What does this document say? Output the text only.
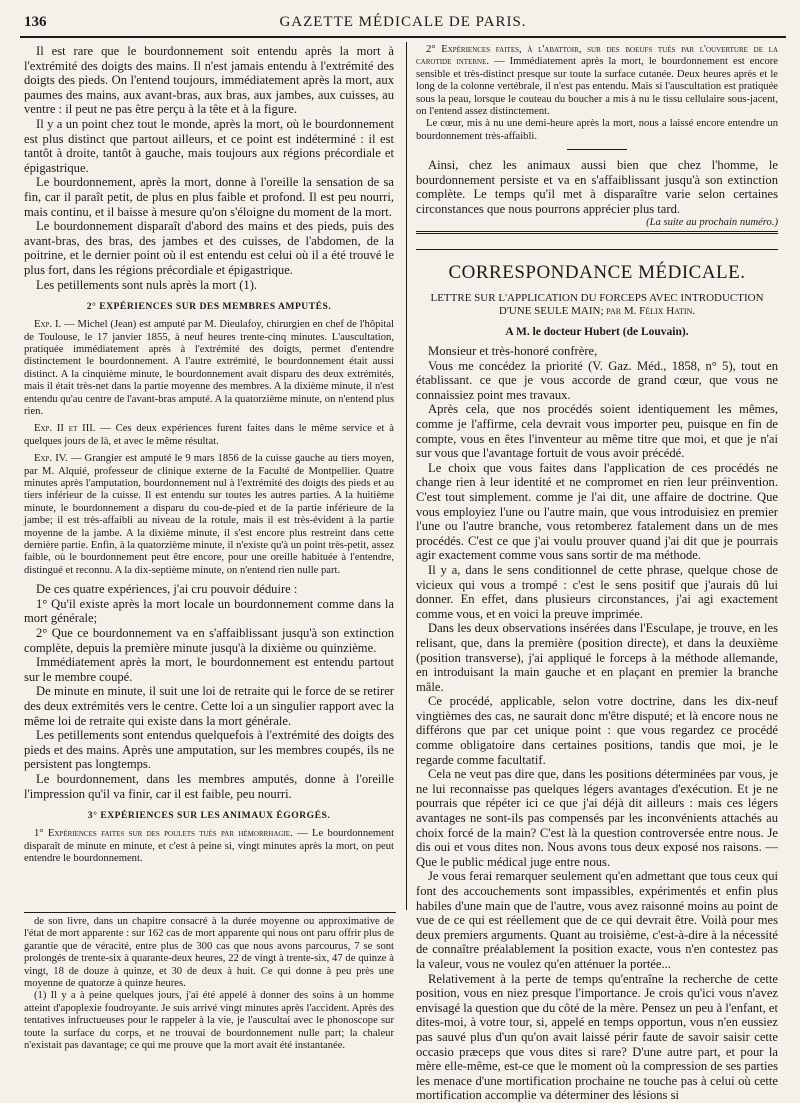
136	GAZETTE MÉDICALE DE PARIS.

Il est rare que le bourdonnement soit entendu après la mort à l'extrémité des doigts des mains. Il n'est jamais entendu à l'extrémité des doigts des pieds. On l'entend toujours, immédiatement après la mort, aux paumes des mains, aux avant-bras, aux bras, aux jambes, aux cuisses, au ventre : il peut ne pas être perçu à la tête et à la figure.

Il y a un point chez tout le monde, après la mort, où le bourdonnement est plus distinct que partout ailleurs, et ce point est indéterminé : il est tantôt à droite, tantôt à gauche, mais toujours aux régions précordiale et épigastrique.

Le bourdonnement, après la mort, donne à l'oreille la sensation de sa fin, car il paraît petit, de plus en plus faible et profond. Il est peu nourri, mais continu, et il baisse à mesure qu'on s'éloigne du moment de la mort.

Le bourdonnement disparaît d'abord des mains et des pieds, puis des avant-bras, des bras, des jambes et des cuisses, de l'abdomen, de la poitrine, et le dernier point où il est entendu est celui où il a été trouvé le plus fort, dans les régions précordiale et épigastrique.

Les petillements sont nuls après la mort (1).

2° EXPÉRIENCES SUR DES MEMBRES AMPUTÉS.

Exp. I. — Michel (Jean) est amputé par M. Dieulafoy, chirurgien en chef de l'hôpital de Toulouse, le 17 janvier 1855, à neuf heures trente-cinq minutes. L'auscultation, pratiquée immédiatement après à l'extrémité des doigts, permet d'entendre distinctement le bourdonnement. A l'autre extrémité, le bourdonnement était aussi distinct. A la cinquième minute, le bourdonnement avait disparu des deux extrémités, mais il était très-net dans la partie moyenne des membres. A la dixième minute, il n'est entendu qu'au centre de l'avant-bras amputé. A la quatorzième minute, on n'entend plus rien.

Exp. II et III. — Ces deux expériences furent faites dans le même service et à quelques jours de là, et avec le même résultat.

Exp. IV. — Grangier est amputé le 9 mars 1856 de la cuisse gauche au tiers moyen, par M. Alquié, professeur de clinique externe de la Faculté de Montpellier. Quatre minutes après l'amputation, bourdonnement nul à l'extrémité des doigts des pieds et au tiers inférieur de la cuisse. Il est entendu sur toutes les autres parties. A la huitième minute, le bourdonnement a disparu du cou-de-pied et de la partie inférieure de la jambe; il est très-affaibli au niveau de la rotule, mais il est très-évident à la partie moyenne de la jambe. A la dixième minute, il s'est encore plus restreint dans cette dernière partie. Enfin, à la quatorzième minute, il n'existe qu'à un point très-petit, assez faible, où le bourdonnement peut être encore, pour une oreille habituée à l'entendre, distingué et reconnu. A la dix-septième minute, on n'entend rien nulle part.

De ces quatre expériences, j'ai cru pouvoir déduire :

1° Qu'il existe après la mort locale un bourdonnement comme dans la mort générale;

2° Que ce bourdonnement va en s'affaiblissant jusqu'à son extinction complète, depuis la première minute jusqu'à la dixième ou quinzième.

Immédiatement après la mort, le bourdonnement est entendu partout sur le membre coupé.

De minute en minute, il suit une loi de retraite qui le force de se retirer des deux extrémités vers le centre. Cette loi a un singulier rapport avec la même loi de retraite qui existe dans la mort générale.

Les petillements sont entendus quelquefois à l'extrémité des doigts des pieds et des mains. Après une amputation, sur les membres coupés, ils ne persistent pas longtemps.

Le bourdonnement, dans les membres amputés, donne à l'oreille l'impression qu'il va finir, car il est faible, peu nourri.

3° EXPÉRIENCES SUR LES ANIMAUX ÉGORGÉS.

1° Expériences faites sur des poulets tués par hémorrhagie. — Le bourdonnement disparaît de minute en minute, et c'est à peine si, vingt minutes après la mort, on peut entendre le bourdonnement.

de son livre, dans un chapitre consacré à la durée moyenne ou approximative de l'état de mort apparente : sur 162 cas de mort apparente qui nous ont paru offrir plus de garantie que de véracité, entre plus de 300 cas que nous avons parcourus, 7 se sont prolongés de trente-six à quarante-deux heures, 22 de vingt à trente-six, 47 de quinze à vingt, 18 de douze à quinze, et 30 de deux à huit. Ce qui donne à peu près une moyenne de quatorze à quinze heures.

(1) Il y a à peine quelques jours, j'ai été appelé à donner des soins à un homme atteint d'apoplexie foudroyante. Je suis arrivé vingt minutes après l'accident. Après des tentatives infructueuses pour le rappeler à la vie, je l'auscultai avec le phonoscope sur toute la surface du corps, et ne trouvai de bourdonnement nulle part; la chaleur n'existait pas davantage; ce qui me prouve que la mort avait été instantanée.

2° Expériences faites, à l'abattoir, sur des boeufs tués par l'ouverture de la carotide interne. — Immédiatement après la mort, le bourdonnement est encore sensible et très-distinct presque sur toute la surface cutanée. Deux heures après et le long de la colonne vertébrale, il n'est pas entendu. Mais si l'auscultation est pratiquée sous la peau, lorsque le couteau du boucher a mis à nu le tissu cellulaire sous-jacent, on l'entend assez distinctement.

Le cœur, mis à nu une demi-heure après la mort, nous a laissé encore entendre un bourdonnement très-affaibli.

Ainsi, chez les animaux aussi bien que chez l'homme, le bourdonnement persiste et va en s'affaiblissant jusqu'à son extinction complète. Le temps qu'il met à disparaître varie selon certaines circonstances que nous pourrons apprécier plus tard.

(La suite au prochain numéro.)

CORRESPONDANCE MÉDICALE.

LETTRE SUR L'APPLICATION DU FORCEPS AVEC INTRODUCTION D'UNE SEULE MAIN; par M. Félix Hatin.

A M. le docteur Hubert (de Louvain).

Monsieur et très-honoré confrère,

Vous me concédez la priorité (V. Gaz. Méd., 1858, n° 5), tout en établissant. ce que je vous accorde de grand cœur, que vous ne connaissiez point mes travaux.

Après cela, que nos procédés soient identiquement les mêmes, comme je l'affirme, cela devrait vous importer peu, puisque en fin de compte, vous en êtes l'inventeur au même titre que moi, et que je n'ai sur vous que l'avantage fortuit de vous avoir précédé.

Le choix que vous faites dans l'application de ces procédés ne change rien à leur identité et ne compromet en rien leur préinvention. C'est tout simplement. comme je l'ai dit, une affaire de doctrine. Que vous employiez l'une ou l'autre main, que vous introduisiez en premier l'une ou l'autre branche, vous retomberez fatalement dans un de mes procédés. C'est ce que j'ai voulu prouver quand j'ai dit que je pourrais agir exactement comme vous sans sortir de ma méthode.

Il y a, dans le sens conditionnel de cette phrase, quelque chose de vicieux qui vous a trompé : c'est le sens positif que j'aurais dû lui donner. En effet, dans plusieurs circonstances, j'ai agi exactement comme vous, et en voici la preuve imprimée.

Dans les deux observations insérées dans l'Esculape, je trouve, en les relisant, que, dans la première (position directe), et dans la deuxième (position transverse), j'ai appliqué le forceps à la méthode allemande, en introduisant la main gauche et en plaçant en premier la branche mâle.

Ce procédé, applicable, selon votre doctrine, dans les dix-neuf vingtièmes des cas, ne saurait donc m'être disputé; et là encore nous ne différons que par cet unique point : que vous regardez ce procédé comme obligatoire dans certaines positions, tandis que moi, je le regarde comme facultatif.

Cela ne veut pas dire que, dans les positions déterminées par vous, je ne lui reconnaisse pas quelques légers avantages d'exécution. Et je ne pourrais que répéter ici ce que j'ai déjà dit ailleurs : mais ces légers avantages ne sont-ils pas compensés par les inconvénients attachés au choix forcé de la main? C'est là la question controversée entre nous. Je dis oui et vous dites non. Nous avons tous deux exposé nos raisons. — Que le public médical juge entre nous.

Je vous ferai remarquer seulement qu'en admettant que tous ceux qui font des accouchements sont impassibles, expérimentés et enfin plus habiles d'une main que de l'autre, vous avez raisonné moins au point de vue de ce qui est réellement que de ce qui devrait être. Voilà pour mes deux premiers arguments. Quant au troisième, c'est-à-dire à la nécessité de connaître préalablement la position exacte, vous n'en contestez pas la valeur, vous ne voulez qu'en atténuer la portée...

Relativement à la perte de temps qu'entraîne la recherche de cette position, vous en niez presque l'importance. Je crois qu'ici vous n'avez envisagé la question que du côté de la mère. Pensez un peu à l'enfant, et dites-moi, à votre tour, si, appelé en temps opportun, vous n'en eussiez pas sauvé plus d'un qu'on avait laissé périr faute de savoir saisir cette occasio præceps que vous dites si rare? D'une autre part, et pour la mère elle-même, est-ce que le moment où la compression de ses parties les menace d'une mortification prochaine ne touche pas à celui où cette mortification accomplie va déterminer des lésions si
